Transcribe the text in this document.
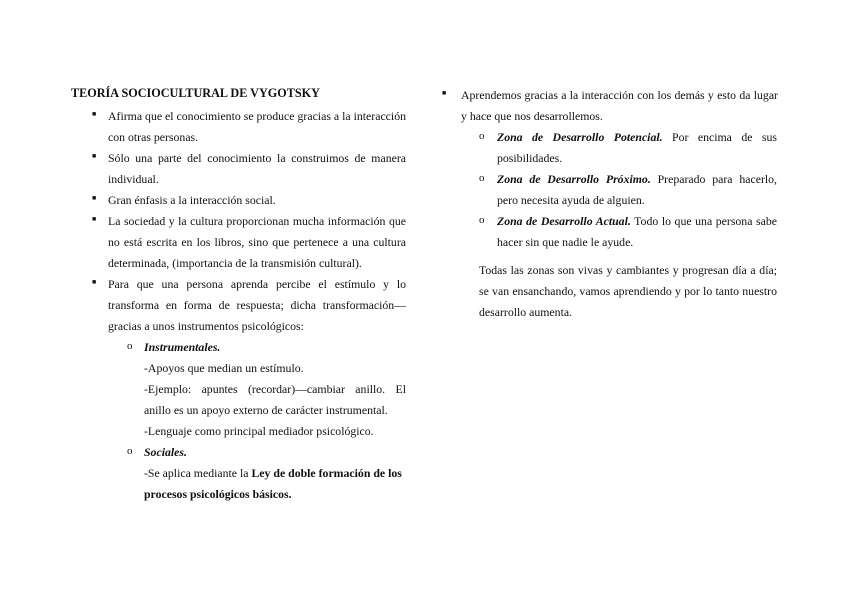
TEORÍA SOCIOCULTURAL DE VYGOTSKY
■ Afirma que el conocimiento se produce gracias a la interacción
con otras personas.
■ Sólo una parte del conocimiento la construimos de manera
individual.
■ Gran énfasis a la interacción social.
■ La sociedad y la cultura proporcionan mucha información que
no está escrita en los libros, sino que pertenece a una cultura
determinada, (importancia de la transmisión cultural).
■ Para que una persona aprenda percibe el estímulo y lo
transforma en forma de respuesta; dicha transformación—
gracias a unos instrumentos psicológicos:
o Instrumentales.
-Apoyos que median un estímulo.
-Ejemplo: apuntes (recordar)—cambiar anillo. El
anillo es un apoyo externo de carácter instrumental.
-Lenguaje como principal mediador psicológico.
o Sociales.
-Se aplica mediante la Ley de doble formación de los
procesos psicológicos básicos.
■ Aprendemos gracias a la interacción con los demás y esto da lugar
y hace que nos desarrollemos.
o Zona de Desarrollo Potencial. Por encima de sus
posibilidades.
o Zona de Desarrollo Próximo. Preparado para hacerlo,
pero necesita ayuda de alguien.
o Zona de Desarrollo Actual. Todo lo que una persona sabe
hacer sin que nadie le ayude.
Todas las zonas son vivas y cambiantes y progresan día a día;
se van ensanchando, vamos aprendiendo y por lo tanto nuestro
desarrollo aumenta.
